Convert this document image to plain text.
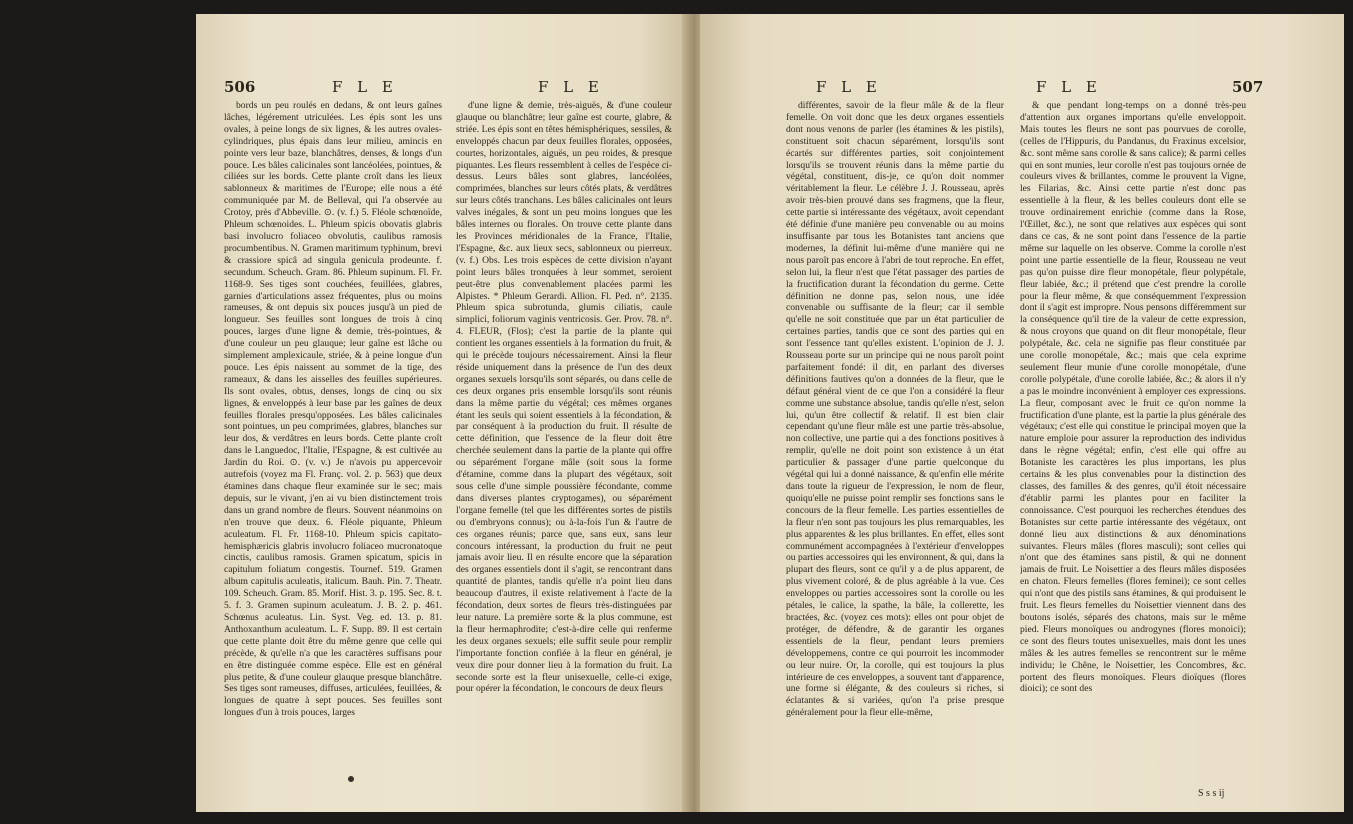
506	F L E	F L E

bords un peu roulés en dedans, & ont leurs gaînes lâches, légérement utriculées. Les épis sont les uns ovales, à peine longs de six lignes, & les autres ovales-cylindriques, plus épais dans leur milieu, amincis en pointe vers leur baze, blanchâtres, denses, & longs d'un pouce. Les bâles calicinales sont lancéolées, pointues, & ciliées sur les bords. Cette plante croît dans les lieux sablonneux & maritimes de l'Europe; elle nous a été communiquée par M. de Belleval, qui l'a observée au Crotoy, près d'Abbeville. ⊙. (v. f.) 5. Fléole schœnoïde, Phleum schœnoides. L. Phleum spicis obovatis glabris basi involucro foliaceo obvolutis, caulibus ramosis procumbentibus. N. Gramen maritimum typhinum, brevi & crassiore spicâ ad singula genicula prodeunte. f. secundum. Scheuch. Gram. 86. Phleum supinum. Fl. Fr. 1168-9. Ses tiges sont couchées, feuillées, glabres, garnies d'articulations assez fréquentes, plus ou moins rameuses, & ont depuis six pouces jusqu'à un pied de longueur. Ses feuilles sont longues de trois à cinq pouces, larges d'une ligne & demie, très-pointues, & d'une couleur un peu glauque; leur gaîne est lâche ou simplement amplexicaule, striée, & à peine longue d'un pouce. Les épis naissent au sommet de la tige, des rameaux, & dans les aisselles des feuilles supérieures. Ils sont ovales, obtus, denses, longs de cinq ou six lignes, & enveloppés à leur base par les gaînes de deux feuilles florales presqu'opposées. Les bâles calicinales sont pointues, un peu comprimées, glabres, blanches sur leur dos, & verdâtres en leurs bords. Cette plante croît dans le Languedoc, l'Italie, l'Espagne, & est cultivée au Jardin du Roi. ⊙. (v. v.) Je n'avois pu appercevoir autrefois (voyez ma Fl. Franç. vol. 2. p. 563) que deux étamines dans chaque fleur examinée sur le sec; mais depuis, sur le vivant, j'en ai vu bien distinctement trois dans un grand nombre de fleurs. Souvent néanmoins on n'en trouve que deux. 6. Fléole piquante, Phleum aculeatum. Fl. Fr. 1168-10. Phleum spicis capitato-hemisphæricis glabris involucro foliaceo mucronatoque cinctis, caulibus ramosis. Gramen spicatum, spicis in capitulum foliatum congestis. Tournef. 519. Gramen album capitulis aculeatis, italicum. Bauh. Pin. 7. Theatr. 109. Scheuch. Gram. 85. Morif. Hist. 3. p. 195. Sec. 8. t. 5. f. 3. Gramen supinum aculeatum. J. B. 2. p. 461. Schœnus aculeatus. Lin. Syst. Veg. ed. 13. p. 81. Anthoxanthum aculeatum. L. F. Supp. 89. Il est certain que cette plante doit être du même genre que celle qui précède, & qu'elle n'a que les caractères suffisans pour en être distinguée comme espèce. Elle est en général plus petite, & d'une couleur glauque presque blanchâtre. Ses tiges sont rameuses, diffuses, articulées, feuillées, & longues de quatre à sept pouces. Ses feuilles sont longues d'un à trois pouces, larges

d'une ligne & demie, très-aiguës, & d'une couleur glauque ou blanchâtre; leur gaîne est courte, glabre, & striée. Les épis sont en têtes hémisphériques, sessiles, & enveloppés chacun par deux feuilles florales, opposées, courtes, horizontales, aiguës, un peu roides, & presque piquantes. Les fleurs ressemblent à celles de l'espèce ci-dessus. Leurs bâles sont glabres, lancéolées, comprimées, blanches sur leurs côtés plats, & verdâtres sur leurs côtés tranchans. Les bâles calicinales ont leurs valves inégales, & sont un peu moins longues que les bâles internes ou florales. On trouve cette plante dans les Provinces méridionales de la France, l'Italie, l'Espagne, &c. aux lieux secs, sablonneux ou pierreux. (v. f.) Obs. Les trois espèces de cette division n'ayant point leurs bâles tronquées à leur sommet, seroient peut-être plus convenablement placées parmi les Alpistes. * Phleum Gerardi. Allion. Fl. Ped. n°. 2135. Phleum spica subrotunda, glumis ciliatis, caule simplici, foliorum vaginis ventricosis. Ger. Prov. 78. n°. 4. FLEUR, (Flos); c'est la partie de la plante qui contient les organes essentiels à la formation du fruit, & qui le précède toujours nécessairement. Ainsi la fleur réside uniquement dans la présence de l'un des deux organes sexuels lorsqu'ils sont séparés, ou dans celle de ces deux organes pris ensemble lorsqu'ils sont réunis dans la même partie du végétal; ces mêmes organes étant les seuls qui soient essentiels à la fécondation, & par conséquent à la production du fruit. Il résulte de cette définition, que l'essence de la fleur doit être cherchée seulement dans la partie de la plante qui offre ou séparément l'organe mâle (soit sous la forme d'étamine, comme dans la plupart des végétaux, soit sous celle d'une simple poussière fécondante, comme dans diverses plantes cryptogames), ou séparément l'organe femelle (tel que les différentes sortes de pistils ou d'embryons connus); ou à-la-fois l'un & l'autre de ces organes réunis; parce que, sans eux, sans leur concours intéressant, la production du fruit ne peut jamais avoir lieu. Il en résulte encore que la séparation des organes essentiels dont il s'agit, se rencontrant dans quantité de plantes, tandis qu'elle n'a point lieu dans beaucoup d'autres, il existe relativement à l'acte de la fécondation, deux sortes de fleurs très-distinguées par leur nature. La première sorte & la plus commune, est la fleur hermaphrodite; c'est-à-dire celle qui renferme les deux organes sexuels; elle suffit seule pour remplir l'importante fonction confiée à la fleur en général, je veux dire pour donner lieu à la formation du fruit. La seconde sorte est la fleur unisexuelle, celle-ci exige, pour opérer la fécondation, le concours de deux fleurs

F L E	F L E	507

différentes, savoir de la fleur mâle & de la fleur femelle. On voit donc que les deux organes essentiels dont nous venons de parler (les étamines & les pistils), constituent soit chacun séparément, lorsqu'ils sont écartés sur différentes parties, soit conjointement lorsqu'ils se trouvent réunis dans la même partie du végétal, constituent, dis-je, ce qu'on doit nommer véritablement la fleur. Le célèbre J. J. Rousseau, après avoir très-bien prouvé dans ses fragmens, que la fleur, cette partie si intéressante des végétaux, avoit cependant été définie d'une manière peu convenable ou au moins insuffisante par tous les Botanistes tant anciens que modernes, la définit lui-même d'une manière qui ne nous paroît pas encore à l'abri de tout reproche. En effet, selon lui, la fleur n'est que l'état passager des parties de la fructification durant la fécondation du germe. Cette définition ne donne pas, selon nous, une idée convenable ou suffisante de la fleur; car il semble qu'elle ne soit constituée que par un état particulier de certaines parties, tandis que ce sont des parties qui en sont l'essence tant qu'elles existent. L'opinion de J. J. Rousseau porte sur un principe qui ne nous paroît point parfaitement fondé: il dit, en parlant des diverses définitions fautives qu'on a données de la fleur, que le défaut général vient de ce que l'on a considéré la fleur comme une substance absolue, tandis qu'elle n'est, selon lui, qu'un être collectif & relatif. Il est bien clair cependant qu'une fleur mâle est une partie très-absolue, non collective, une partie qui a des fonctions positives à remplir, qu'elle ne doit point son existence à un état particulier & passager d'une partie quelconque du végétal qui lui a donné naissance, & qu'enfin elle mérite dans toute la rigueur de l'expression, le nom de fleur, quoiqu'elle ne puisse point remplir ses fonctions sans le concours de la fleur femelle. Les parties essentielles de la fleur n'en sont pas toujours les plus remarquables, les plus apparentes & les plus brillantes. En effet, elles sont communément accompagnées à l'extérieur d'enveloppes ou parties accessoires qui les environnent, & qui, dans la plupart des fleurs, sont ce qu'il y a de plus apparent, de plus vivement coloré, & de plus agréable à la vue. Ces enveloppes ou parties accessoires sont la corolle ou les pétales, le calice, la spathe, la bâle, la collerette, les bractées, &c. (voyez ces mots): elles ont pour objet de protéger, de défendre, & de garantir les organes essentiels de la fleur, pendant leurs premiers développemens, contre ce qui pourroit les incommoder ou leur nuire. Or, la corolle, qui est toujours la plus intérieure de ces enveloppes, a souvent tant d'apparence, une forme si élégante, & des couleurs si riches, si éclatantes & si variées, qu'on l'a prise presque généralement pour la fleur elle-même,

& que pendant long-temps on a donné très-peu d'attention aux organes importans qu'elle enveloppoit. Mais toutes les fleurs ne sont pas pourvues de corolle, (celles de l'Hippuris, du Pandanus, du Fraxinus excelsior, &c. sont même sans corolle & sans calice); & parmi celles qui en sont munies, leur corolle n'est pas toujours ornée de couleurs vives & brillantes, comme le prouvent la Vigne, les Filarias, &c. Ainsi cette partie n'est donc pas essentielle à la fleur, & les belles couleurs dont elle se trouve ordinairement enrichie (comme dans la Rose, l'Œillet, &c.), ne sont que relatives aux espèces qui sont dans ce cas, & ne sont point dans l'essence de la partie même sur laquelle on les observe. Comme la corolle n'est point une partie essentielle de la fleur, Rousseau ne veut pas qu'on puisse dire fleur monopétale, fleur polypétale, fleur labiée, &c.; il prétend que c'est prendre la corolle pour la fleur même, & que conséquemment l'expression dont il s'agit est impropre. Nous pensons différemment sur la conséquence qu'il tire de la valeur de cette expression, & nous croyons que quand on dit fleur monopétale, fleur polypétale, &c. cela ne signifie pas fleur constituée par une corolle monopétale, &c.; mais que cela exprime seulement fleur munie d'une corolle monopétale, d'une corolle polypétale, d'une corolle labiée, &c.; & alors il n'y a pas le moindre inconvénient à employer ces expressions. La fleur, composant avec le fruit ce qu'on nomme la fructification d'une plante, est la partie la plus générale des végétaux; c'est elle qui constitue le principal moyen que la nature emploie pour assurer la reproduction des individus dans le règne végétal; enfin, c'est elle qui offre au Botaniste les caractères les plus importans, les plus certains & les plus convenables pour la distinction des classes, des familles & des genres, qu'il étoit nécessaire d'établir parmi les plantes pour en faciliter la connoissance. C'est pourquoi les recherches étendues des Botanistes sur cette partie intéressante des végétaux, ont donné lieu aux distinctions & aux dénominations suivantes. Fleurs mâles (flores masculi); sont celles qui n'ont que des étamines sans pistil, & qui ne donnent jamais de fruit. Le Noisettier a des fleurs mâles disposées en chaton. Fleurs femelles (flores feminei); ce sont celles qui n'ont que des pistils sans étamines, & qui produisent le fruit. Les fleurs femelles du Noisettier viennent dans des boutons isolés, séparés des chatons, mais sur le même pied. Fleurs monoïques ou androgynes (flores monoici); ce sont des fleurs toutes unisexuelles, mais dont les unes mâles & les autres femelles se rencontrent sur le même individu; le Chêne, le Noisettier, les Concombres, &c. portent des fleurs monoïques. Fleurs dioïques (flores dioici); ce sont des

S s s ij
